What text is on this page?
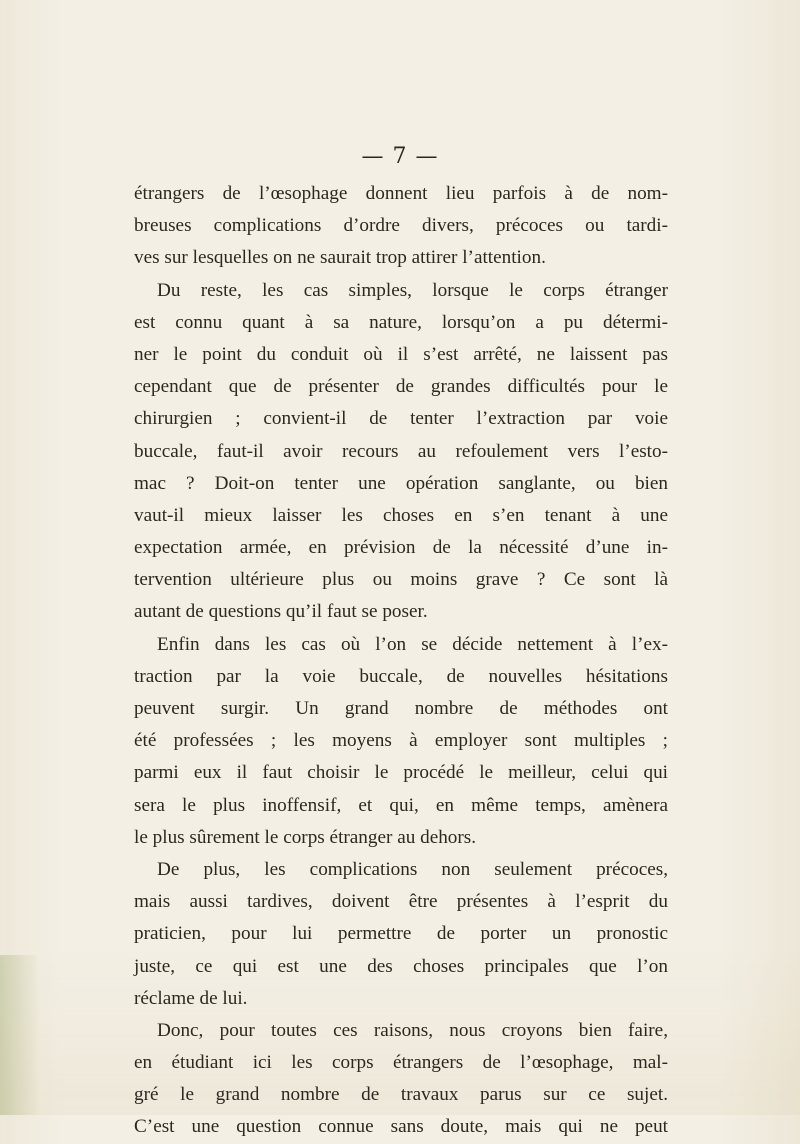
— 7 —
étrangers de l’œsophage donnent lieu parfois à de nom-
breuses complications d’ordre divers, précoces ou tardi-
ves sur lesquelles on ne saurait trop attirer l’attention.
Du reste, les cas simples, lorsque le corps étranger
est connu quant à sa nature, lorsqu’on a pu détermi-
ner le point du conduit où il s’est arrêté, ne laissent pas
cependant que de présenter de grandes difficultés pour le
chirurgien ; convient-il de tenter l’extraction par voie
buccale, faut-il avoir recours au refoulement vers l’esto-
mac ? Doit-on tenter une opération sanglante, ou bien
vaut-il mieux laisser les choses en s’en tenant à une
expectation armée, en prévision de la nécessité d’une in-
tervention ultérieure plus ou moins grave ? Ce sont là
autant de questions qu’il faut se poser.
Enfin dans les cas où l’on se décide nettement à l’ex-
traction par la voie buccale, de nouvelles hésitations
peuvent surgir. Un grand nombre de méthodes ont
été professées ; les moyens à employer sont multiples ;
parmi eux il faut choisir le procédé le meilleur, celui qui
sera le plus inoffensif, et qui, en même temps, amènera
le plus sûrement le corps étranger au dehors.
De plus, les complications non seulement précoces,
mais aussi tardives, doivent être présentes à l’esprit du
praticien, pour lui permettre de porter un pronostic
juste, ce qui est une des choses principales que l’on
réclame de lui.
Donc, pour toutes ces raisons, nous croyons bien faire,
en étudiant ici les corps étrangers de l’œsophage, mal-
gré le grand nombre de travaux parus sur ce sujet.
C’est une question connue sans doute, mais qui ne peut
